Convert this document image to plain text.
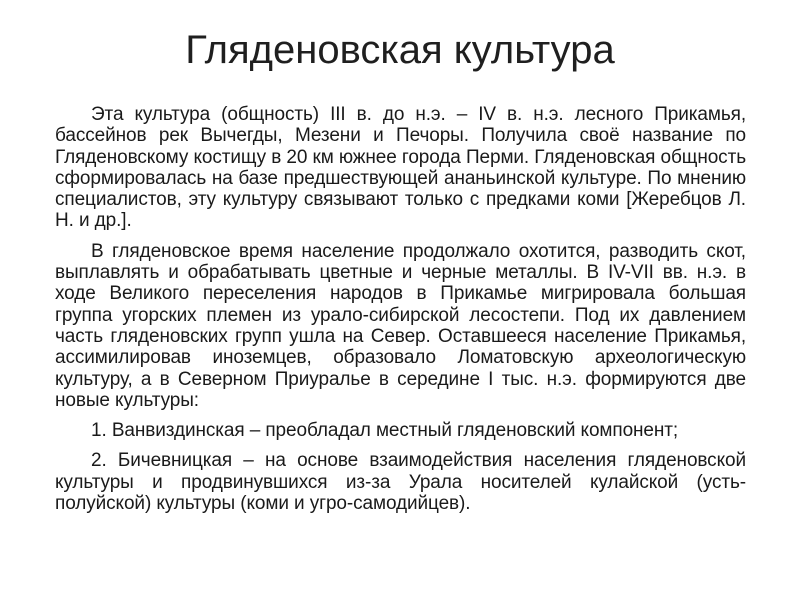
Гляденовская культура

Эта культура (общность) III в. до н.э. – IV в. н.э. лесного Прикамья, бассейнов рек Вычегды, Мезени и Печоры. Получила своё название по Гляденовскому костищу в 20 км южнее города Перми. Гляденовская общность сформировалась на базе предшествующей ананьинской культуре. По мнению специалистов, эту культуру связывают только с предками коми [Жеребцов Л. Н. и др.].

В гляденовское время население продолжало охотится, разводить скот, выплавлять и обрабатывать цветные и черные металлы. В IV-VII вв. н.э. в ходе Великого переселения народов в Прикамье мигрировала большая группа угорских племен из урало-сибирской лесостепи. Под их давлением часть гляденовских групп ушла на Север. Оставшееся население Прикамья, ассимилировав иноземцев, образовало Ломатовскую археологическую культуру, а в Северном Приуралье в середине I тыс. н.э. формируются две новые культуры:

1. Ванвиздинская – преобладал местный гляденовский компонент;

2. Бичевницкая – на основе взаимодействия населения гляденовской культуры и продвинувшихся из-за Урала носителей кулайской (усть-полуйской) культуры (коми и угро-самодийцев).
